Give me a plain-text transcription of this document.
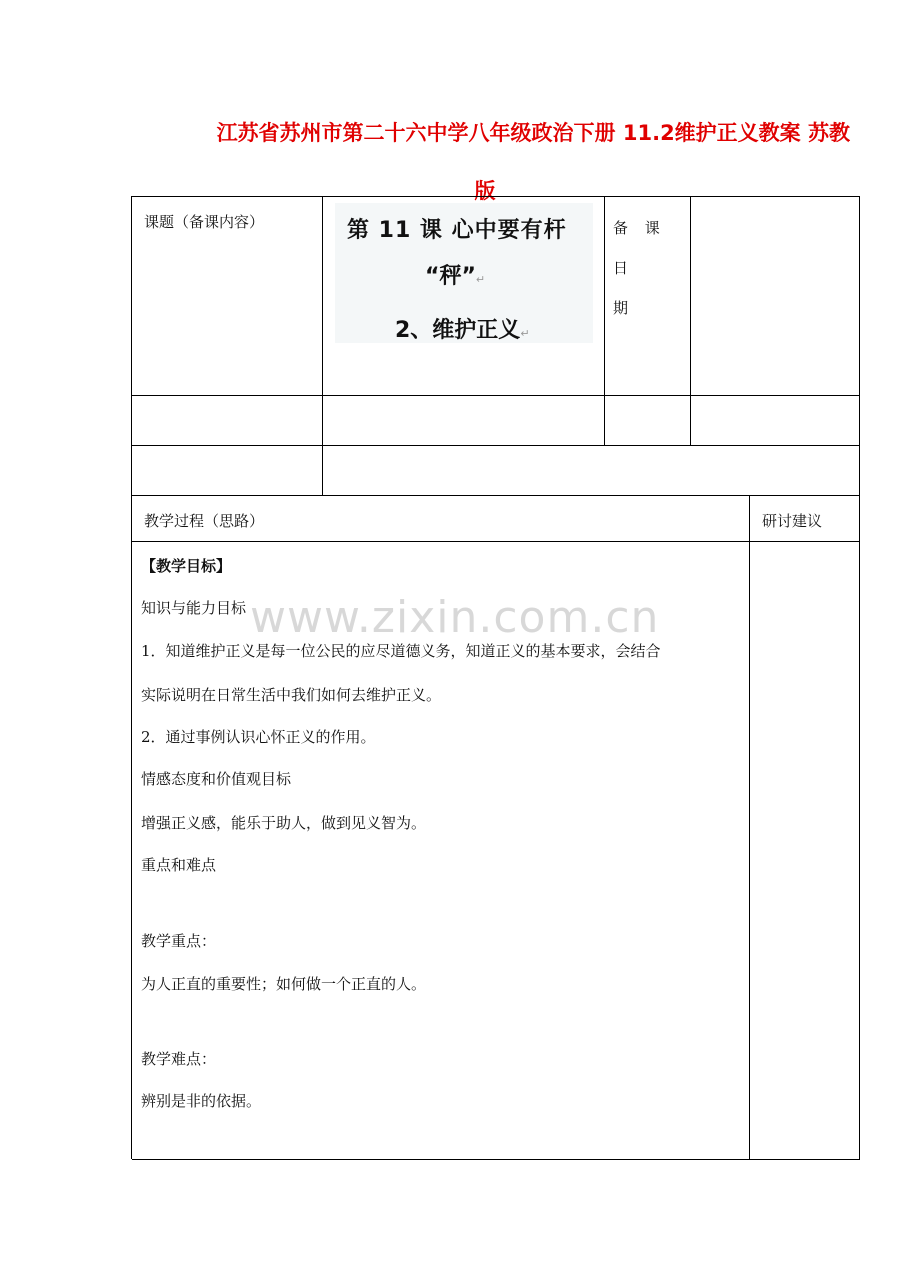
江苏省苏州市第二十六中学八年级政治下册 11.2维护正义教案 苏教
版
课题（备课内容）
教学过程（思路）	研讨建议
第 11 课 心中要有杆
“秤”↵
2、维护正义↵
备 课 日
期
www.zixin.com.cn

【教学目标】

知识与能力目标

1．知道维护正义是每一位公民的应尽道德义务，知道正义的基本要求，会结合

实际说明在日常生活中我们如何去维护正义。

2．通过事例认识心怀正义的作用。

情感态度和价值观目标

增强正义感，能乐于助人，做到见义智为。

重点和难点

教学重点：

为人正直的重要性；如何做一个正直的人。

教学难点：

辨别是非的依据。
